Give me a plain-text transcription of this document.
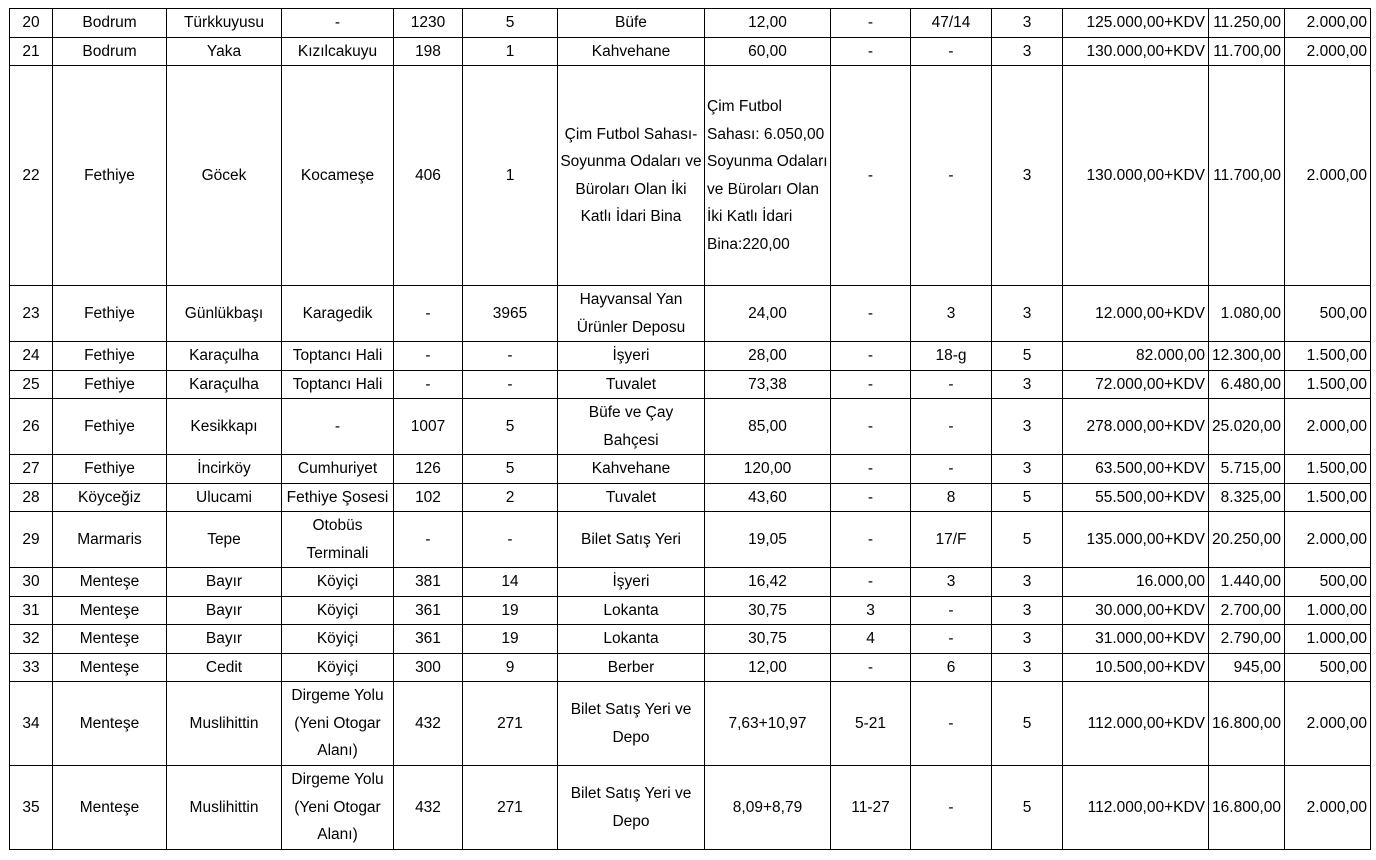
20	Bodrum	Türkkuyusu	-	1230	5	Büfe	12,00	-	47/14	3	125.000,00+KDV	11.250,00	2.000,00
21	Bodrum	Yaka	Kızılcakuyu	198	1	Kahvehane	60,00	-	-	3	130.000,00+KDV	11.700,00	2.000,00
22	Fethiye	Göcek	Kocameşe	406	1	Çim Futbol Sahası-Soyunma Odaları ve Büroları Olan İki Katlı İdari Bina	Çim Futbol Sahası: 6.050,00 Soyunma Odaları ve Büroları Olan İki Katlı İdari Bina:220,00	-	-	3	130.000,00+KDV	11.700,00	2.000,00
23	Fethiye	Günlükbaşı	Karagedik	-	3965	Hayvansal Yan Ürünler Deposu	24,00	-	3	3	12.000,00+KDV	1.080,00	500,00
24	Fethiye	Karaçulha	Toptancı Hali	-	-	İşyeri	28,00	-	18-g	5	82.000,00	12.300,00	1.500,00
25	Fethiye	Karaçulha	Toptancı Hali	-	-	Tuvalet	73,38	-	-	3	72.000,00+KDV	6.480,00	1.500,00
26	Fethiye	Kesikkapı	-	1007	5	Büfe ve Çay Bahçesi	85,00	-	-	3	278.000,00+KDV	25.020,00	2.000,00
27	Fethiye	İncirköy	Cumhuriyet	126	5	Kahvehane	120,00	-	-	3	63.500,00+KDV	5.715,00	1.500,00
28	Köyceğiz	Ulucami	Fethiye Şosesi	102	2	Tuvalet	43,60	-	8	5	55.500,00+KDV	8.325,00	1.500,00
29	Marmaris	Tepe	Otobüs Terminali	-	-	Bilet Satış Yeri	19,05	-	17/F	5	135.000,00+KDV	20.250,00	2.000,00
30	Menteşe	Bayır	Köyiçi	381	14	İşyeri	16,42	-	3	3	16.000,00	1.440,00	500,00
31	Menteşe	Bayır	Köyiçi	361	19	Lokanta	30,75	3	-	3	30.000,00+KDV	2.700,00	1.000,00
32	Menteşe	Bayır	Köyiçi	361	19	Lokanta	30,75	4	-	3	31.000,00+KDV	2.790,00	1.000,00
33	Menteşe	Cedit	Köyiçi	300	9	Berber	12,00	-	6	3	10.500,00+KDV	945,00	500,00
34	Menteşe	Muslihittin	Dirgeme Yolu (Yeni Otogar Alanı)	432	271	Bilet Satış Yeri ve Depo	7,63+10,97	5-21	-	5	112.000,00+KDV	16.800,00	2.000,00
35	Menteşe	Muslihittin	Dirgeme Yolu (Yeni Otogar Alanı)	432	271	Bilet Satış Yeri ve Depo	8,09+8,79	11-27	-	5	112.000,00+KDV	16.800,00	2.000,00
